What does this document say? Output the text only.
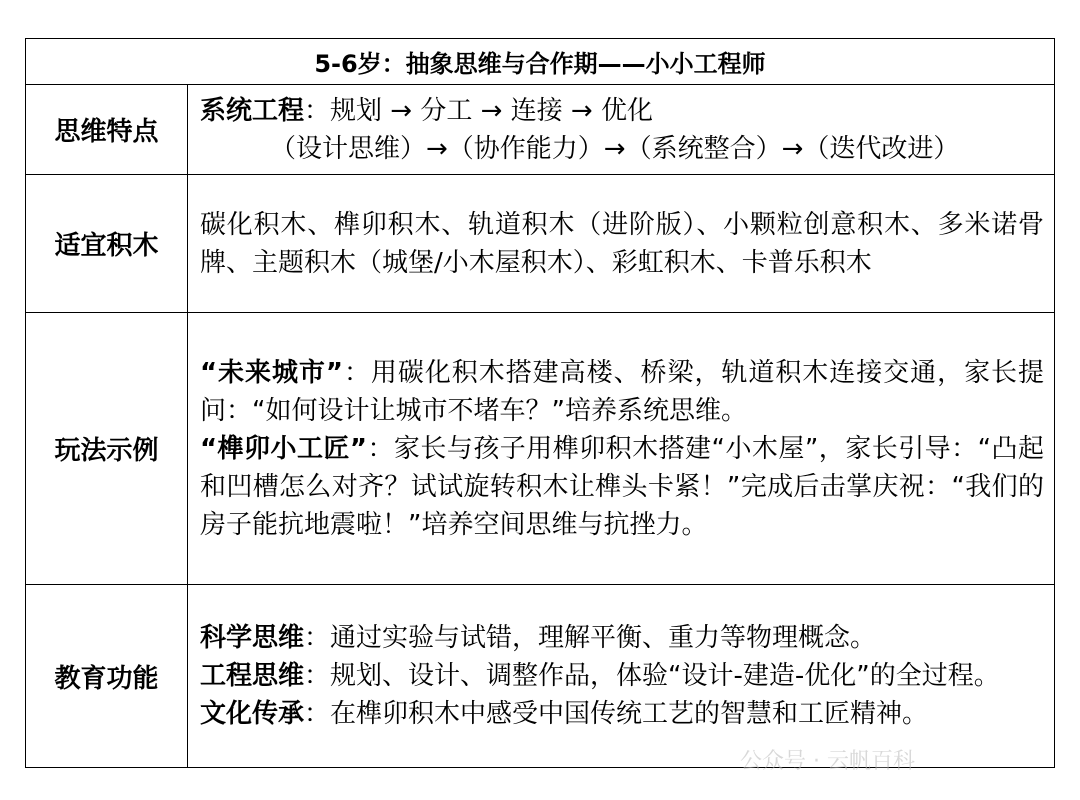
5-6岁：抽象思维与合作期——小小工程师	
思维特点	系统工程：规划 → 分工 → 连接 → 优化
（设计思维）→（协作能力）→（系统整合）→（迭代改进）

适宜积木	碳化积木、榫卯积木、轨道积木（进阶版）、小颗粒创意积木、多米诺骨牌、主题积木（城堡/小木屋积木）、彩虹积木、卡普乐积木
玩法示例	“未来城市”：用碳化积木搭建高楼、桥梁，轨道积木连接交通，家长提问：“如何设计让城市不堵车？”培养系统思维。
“榫卯小工匠”：家长与孩子用榫卯积木搭建“小木屋”，家长引导：“凸起和凹槽怎么对齐？试试旋转积木让榫头卡紧！”完成后击掌庆祝：“我们的房子能抗地震啦！”培养空间思维与抗挫力。

教育功能	科学思维：通过实验与试错，理解平衡、重力等物理概念。
工程思维：规划、设计、调整作品，体验“设计-建造-优化”的全过程。
文化传承：在榫卯积木中感受中国传统工艺的智慧和工匠精神。
公众号 · 云帆百科
